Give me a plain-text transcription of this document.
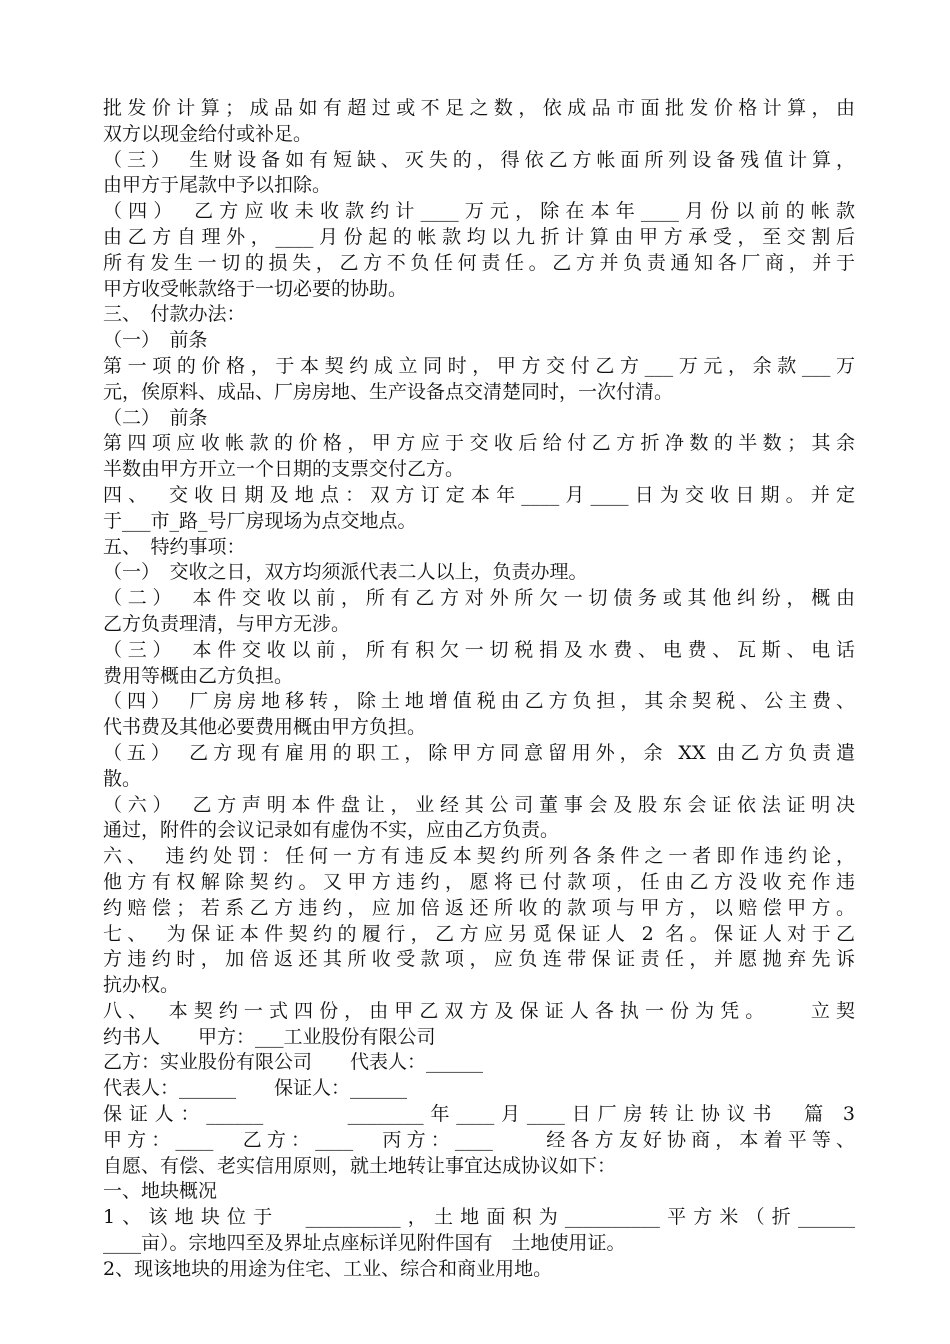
批发价计算；成品如有超过或不足之数，依成品市面批发价格计算，由
双方以现金给付或补足。
（三）　生财设备如有短缺、灭失的，得依乙方帐面所列设备残值计算，
由甲方于尾款中予以扣除。
（四）　乙方应收未收款约计____万元，除在本年____月份以前的帐款
由乙方自理外，____月份起的帐款均以九折计算由甲方承受，至交割后
所有发生一切的损失，乙方不负任何责任。乙方并负责通知各厂商，并于
甲方收受帐款络于一切必要的协助。
三、　付款办法：
（一）　前条
第一项的价格，于本契约成立同时，甲方交付乙方___万元，余款___万
元，俟原料、成品、厂房房地、生产设备点交清楚同时，一次付清。
（二）　前条
第四项应收帐款的价格，甲方应于交收后给付乙方折净数的半数；其余
半数由甲方开立一个日期的支票交付乙方。
四、　交收日期及地点：双方订定本年____月____日为交收日期。并定
于___市_路_号厂房现场为点交地点。
五、　特约事项：
（一）　交收之日，双方均须派代表二人以上，负责办理。
（二）　本件交收以前，所有乙方对外所欠一切债务或其他纠纷，概由
乙方负责理清，与甲方无涉。
（三）　本件交收以前，所有积欠一切税捐及水费、电费、瓦斯、电话
费用等概由乙方负担。
（四）　厂房房地移转，除土地增值税由乙方负担，其余契税、公主费、
代书费及其他必要费用概由甲方负担。
（五）　乙方现有雇用的职工，除甲方同意留用外，余 XX 由乙方负责遣
散。
（六）　乙方声明本件盘让，业经其公司董事会及股东会证依法证明决
通过，附件的会议记录如有虚伪不实，应由乙方负责。
六、　违约处罚：任何一方有违反本契约所列各条件之一者即作违约论，
他方有权解除契约。又甲方违约，愿将已付款项，任由乙方没收充作违
约赔偿；若系乙方违约，应加倍返还所收的款项与甲方，以赔偿甲方。
七、　为保证本件契约的履行，乙方应另觅保证人 2 名。保证人对于乙
方违约时，加倍返还其所收受款项，应负连带保证责任，并愿抛弃先诉
抗办权。
八、　本契约一式四份，由甲乙双方及保证人各执一份为凭。　　立契
约书人　　甲方：___工业股份有限公司
乙方：实业股份有限公司　　代表人：______
代表人：______　　保证人：______
保证人：______　　　________年____月____日厂房转让协议书　篇 3
甲方：____　乙方：____　丙方：____　　经各方友好协商，本着平等、
自愿、有偿、老实信用原则，就土地转让事宜达成协议如下：
一、地块概况
1、该地块位于　__________，土地面积为__________平方米（折______
____亩）。宗地四至及界址点座标详见附件国有　土地使用证。
2、现该地块的用途为住宅、工业、综合和商业用地。
